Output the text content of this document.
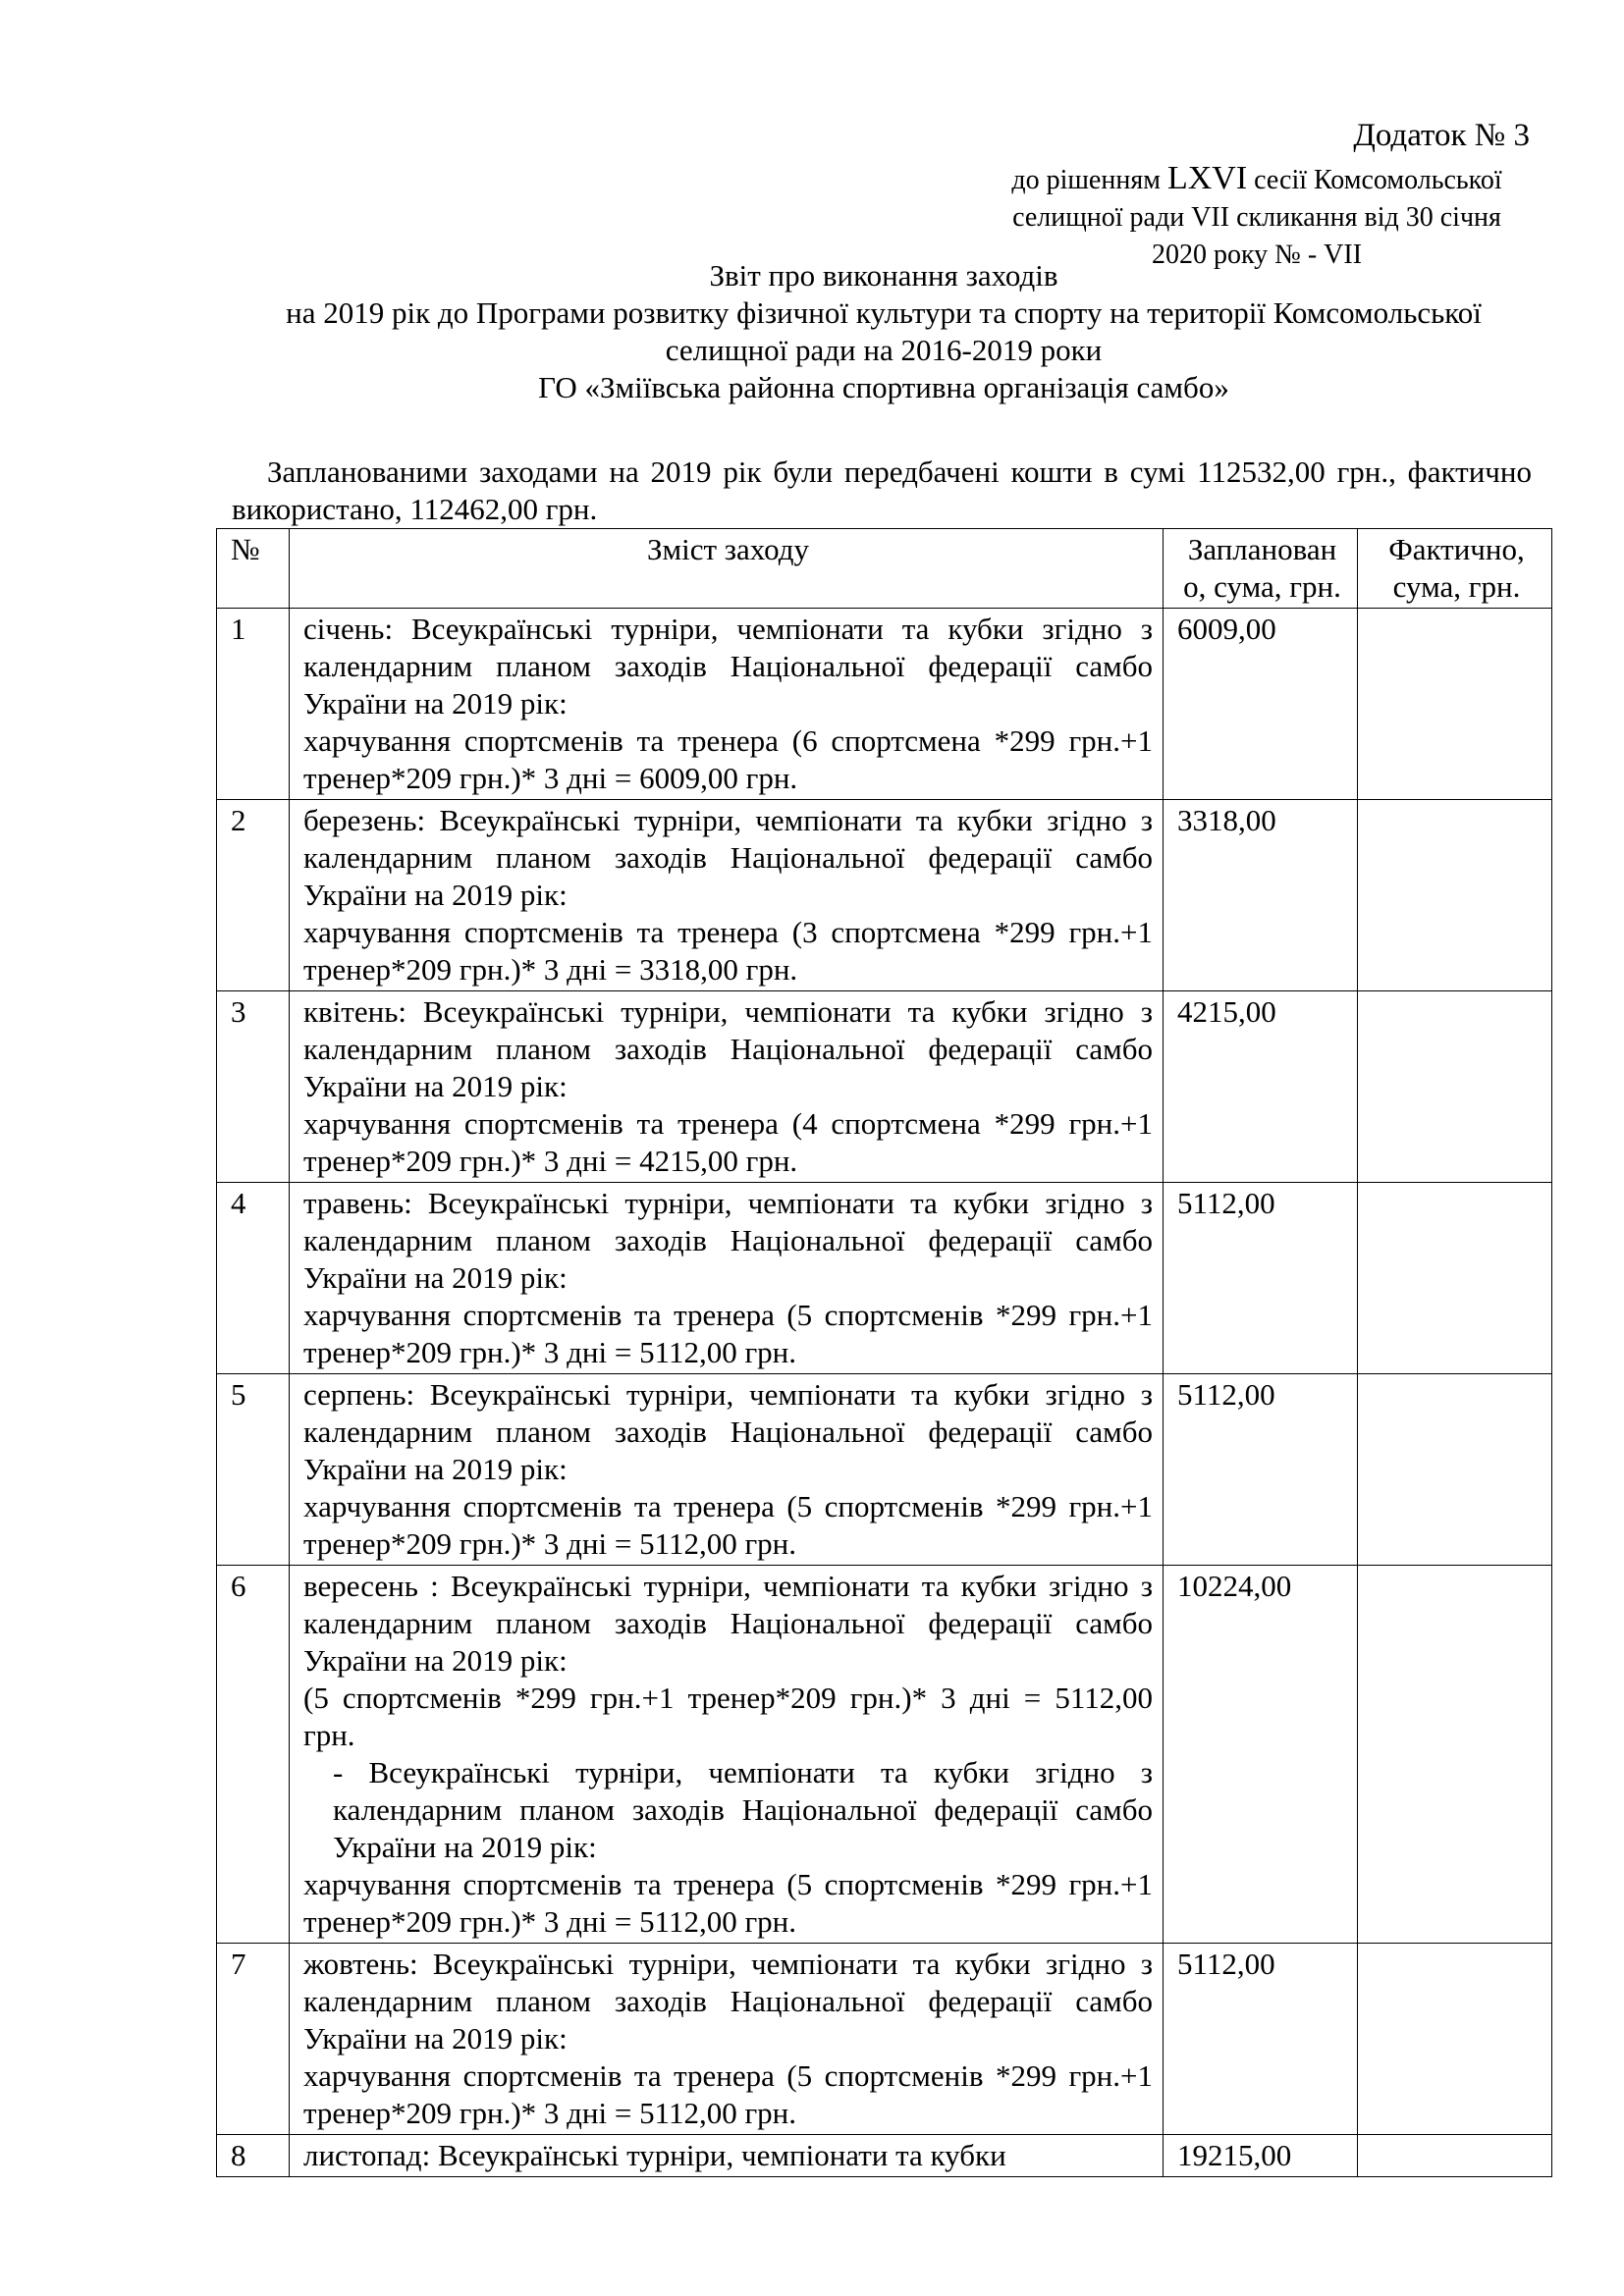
Додаток № 3
до рішенням LXVI сесії Комсомольської
селищної ради VII скликання від 30 січня
2020 року № - VII
Звіт про виконання заходів
на 2019 рік до Програми розвитку фізичної культури та спорту на території Комсомольської
селищної ради на 2016-2019 роки
ГО «Зміївська районна спортивна організація самбо»
Запланованими заходами на 2019 рік були передбачені кошти в сумі 112532,00 грн., фактично використано, 112462,00 грн.
№	Зміст заходу	Запланован о, сума, грн.	Фактично, сума, грн.
1	січень: Всеукраїнські турніри, чемпіонати та кубки згідно з календарним планом заходів Національної федерації самбо України на 2019 рік:
харчування спортсменів та тренера (6 спортсмена *299 грн.+1 тренер*209 грн.)* 3 дні = 6009,00 грн.	6009,00	
2	березень: Всеукраїнські турніри, чемпіонати та кубки згідно з календарним планом заходів Національної федерації самбо України на 2019 рік:
харчування спортсменів та тренера (3 спортсмена *299 грн.+1 тренер*209 грн.)* 3 дні = 3318,00 грн.	3318,00	
3	квітень: Всеукраїнські турніри, чемпіонати та кубки згідно з календарним планом заходів Національної федерації самбо України на 2019 рік:
харчування спортсменів та тренера (4 спортсмена *299 грн.+1 тренер*209 грн.)* 3 дні = 4215,00 грн.	4215,00	
4	травень: Всеукраїнські турніри, чемпіонати та кубки згідно з календарним планом заходів Національної федерації самбо України на 2019 рік:
харчування спортсменів та тренера (5 спортсменів *299 грн.+1 тренер*209 грн.)* 3 дні = 5112,00 грн.	5112,00	
5	серпень: Всеукраїнські турніри, чемпіонати та кубки згідно з календарним планом заходів Національної федерації самбо України на 2019 рік:
харчування спортсменів та тренера (5 спортсменів *299 грн.+1 тренер*209 грн.)* 3 дні = 5112,00 грн.	5112,00	
6	вересень : Всеукраїнські турніри, чемпіонати та кубки згідно з календарним планом заходів Національної федерації самбо України на 2019 рік:
(5 спортсменів *299 грн.+1 тренер*209 грн.)* 3 дні = 5112,00 грн.
- Всеукраїнські турніри, чемпіонати та кубки згідно з календарним планом заходів Національної федерації самбо України на 2019 рік:
харчування спортсменів та тренера (5 спортсменів *299 грн.+1 тренер*209 грн.)* 3 дні = 5112,00 грн.	10224,00	
7	жовтень: Всеукраїнські турніри, чемпіонати та кубки згідно з календарним планом заходів Національної федерації самбо України на 2019 рік:
харчування спортсменів та тренера (5 спортсменів *299 грн.+1 тренер*209 грн.)* 3 дні = 5112,00 грн.	5112,00	
8	листопад: Всеукраїнські турніри, чемпіонати та кубки	19215,00	
